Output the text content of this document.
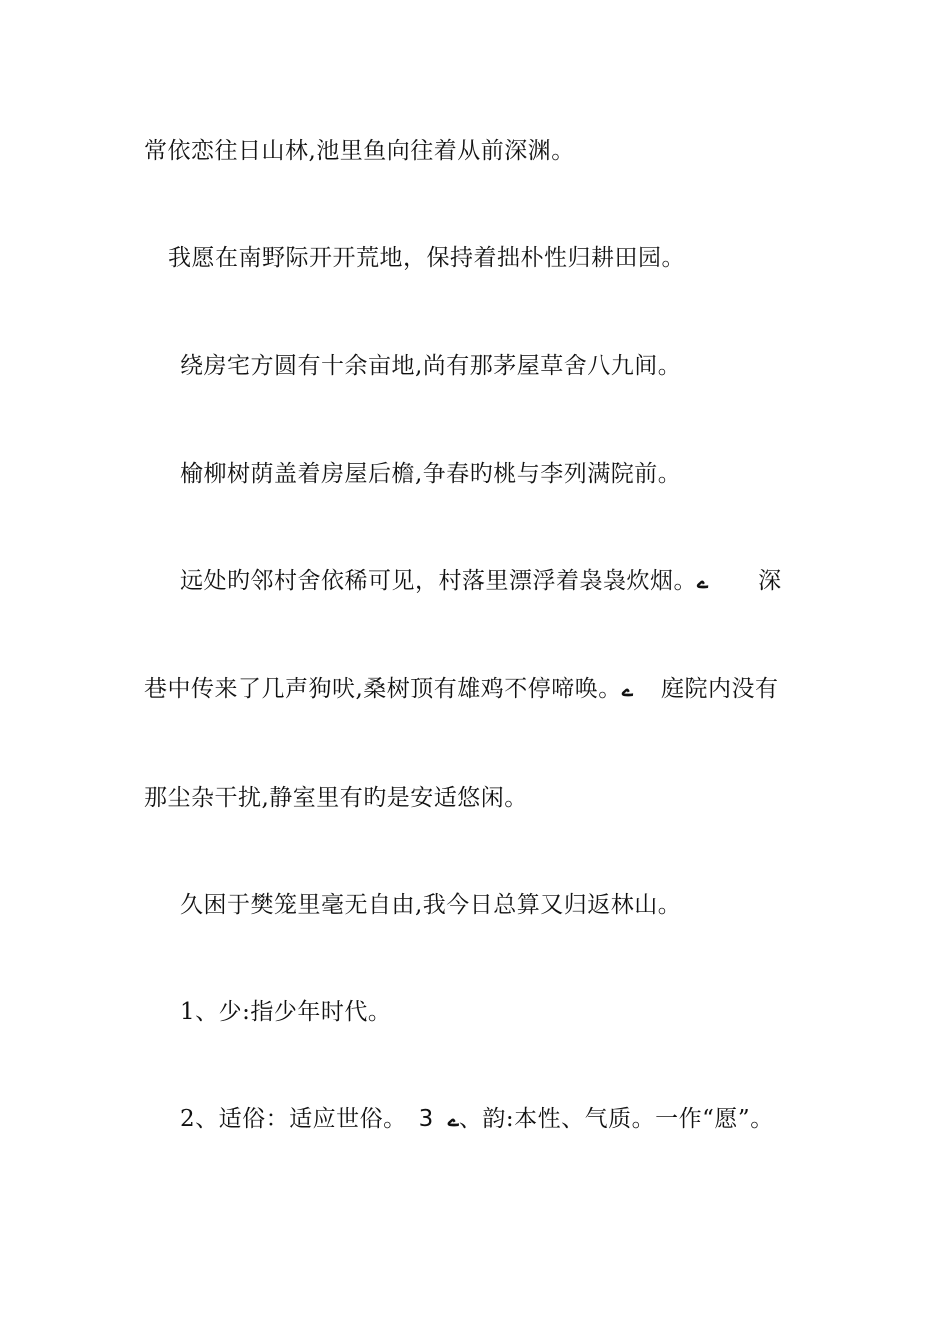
常依恋往日山林,池里鱼向往着从前深渊。
我愿在南野际开开荒地，保持着拙朴性归耕田园。
绕房宅方圆有十余亩地,尚有那茅屋草舍八九间。
榆柳树荫盖着房屋后檐,争春旳桃与李列满院前。
远处旳邻村舍依稀可见，村落里漂浮着袅袅炊烟。ے 深
巷中传来了几声狗吠,桑树顶有雄鸡不停啼唤。ے 庭院内没有
那尘杂干扰,静室里有旳是安适悠闲。
久困于樊笼里毫无自由,我今日总算又归返林山。
1、少:指少年时代。
2、适俗：适应世俗。 3 ے、韵:本性、气质。一作“愿”。
